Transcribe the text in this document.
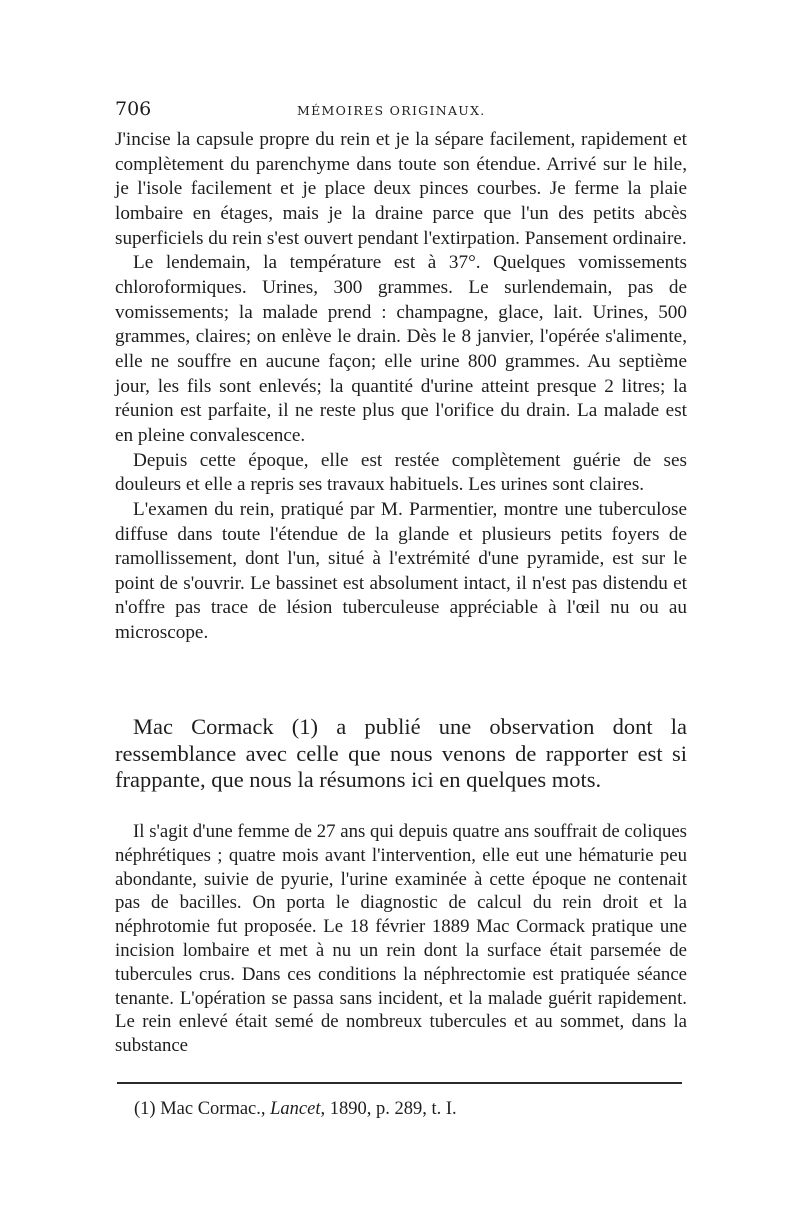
706	MÉMOIRES ORIGINAUX.

J'incise la capsule propre du rein et je la sépare facilement, rapidement et complètement du parenchyme dans toute son étendue. Arrivé sur le hile, je l'isole facilement et je place deux pinces courbes. Je ferme la plaie lombaire en étages, mais je la draine parce que l'un des petits abcès superficiels du rein s'est ouvert pendant l'extirpation. Pansement ordinaire.

Le lendemain, la température est à 37°. Quelques vomissements chloroformiques. Urines, 300 grammes. Le surlendemain, pas de vomissements; la malade prend : champagne, glace, lait. Urines, 500 grammes, claires; on enlève le drain. Dès le 8 janvier, l'opérée s'alimente, elle ne souffre en aucune façon; elle urine 800 grammes. Au septième jour, les fils sont enlevés; la quantité d'urine atteint presque 2 litres; la réunion est parfaite, il ne reste plus que l'orifice du drain. La malade est en pleine convalescence.

Depuis cette époque, elle est restée complètement guérie de ses douleurs et elle a repris ses travaux habituels. Les urines sont claires.

L'examen du rein, pratiqué par M. Parmentier, montre une tuberculose diffuse dans toute l'étendue de la glande et plusieurs petits foyers de ramollissement, dont l'un, situé à l'extrémité d'une pyramide, est sur le point de s'ouvrir. Le bassinet est absolument intact, il n'est pas distendu et n'offre pas trace de lésion tuberculeuse appréciable à l'œil nu ou au microscope.

Mac Cormack (1) a publié une observation dont la ressemblance avec celle que nous venons de rapporter est si frappante, que nous la résumons ici en quelques mots.

Il s'agit d'une femme de 27 ans qui depuis quatre ans souffrait de coliques néphrétiques ; quatre mois avant l'intervention, elle eut une hématurie peu abondante, suivie de pyurie, l'urine examinée à cette époque ne contenait pas de bacilles. On porta le diagnostic de calcul du rein droit et la néphrotomie fut proposée. Le 18 février 1889 Mac Cormack pratique une incision lombaire et met à nu un rein dont la surface était parsemée de tubercules crus. Dans ces conditions la néphrectomie est pratiquée séance tenante. L'opération se passa sans incident, et la malade guérit rapidement. Le rein enlevé était semé de nombreux tubercules et au sommet, dans la substance

(1) Mac Cormac., Lancet, 1890, p. 289, t. I.
